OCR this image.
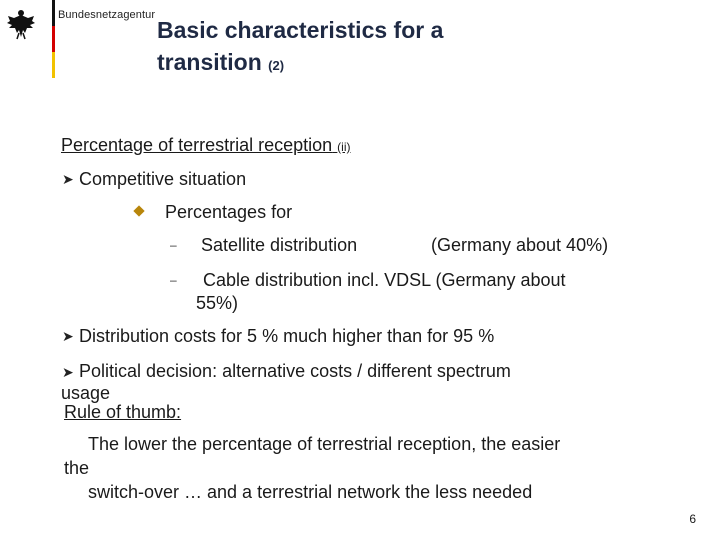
Bundesnetzagentur
Basic characteristics for a
transition (2)
Percentage of terrestrial reception (ii)
➤ Competitive situation
Percentages for
– Satellite distribution	(Germany about 40%)
– Cable distribution incl. VDSL (Germany about
55%)
➤ Distribution costs for 5 % much higher than for 95 %
➤ Political decision: alternative costs / different spectrum
usage
Rule of thumb:
The lower the percentage of terrestrial reception, the easier
the
switch-over … and a terrestrial network the less needed
6
